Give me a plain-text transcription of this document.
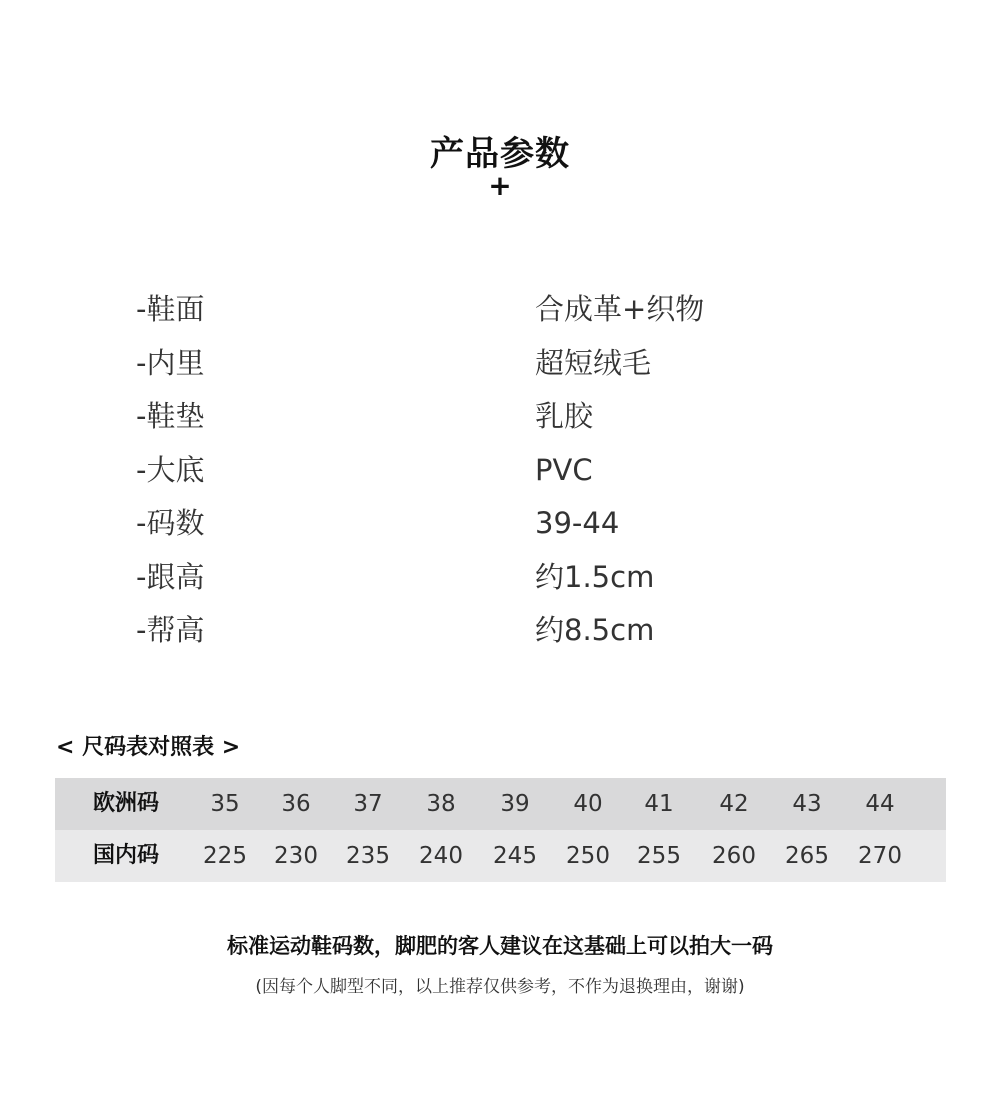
产品参数
+
-鞋面	合成革+织物
-内里	超短绒毛
-鞋垫	乳胶
-大底	PVC
-码数	39-44
-跟高	约1.5cm
-帮高	约8.5cm
< 尺码表对照表 >
欧洲码	35	36	37	38	39	40	41	42	43	44
国内码	225	230	235	240	245	250	255	260	265	270
标准运动鞋码数，脚肥的客人建议在这基础上可以拍大一码
(因每个人脚型不同，以上推荐仅供参考，不作为退换理由，谢谢)
